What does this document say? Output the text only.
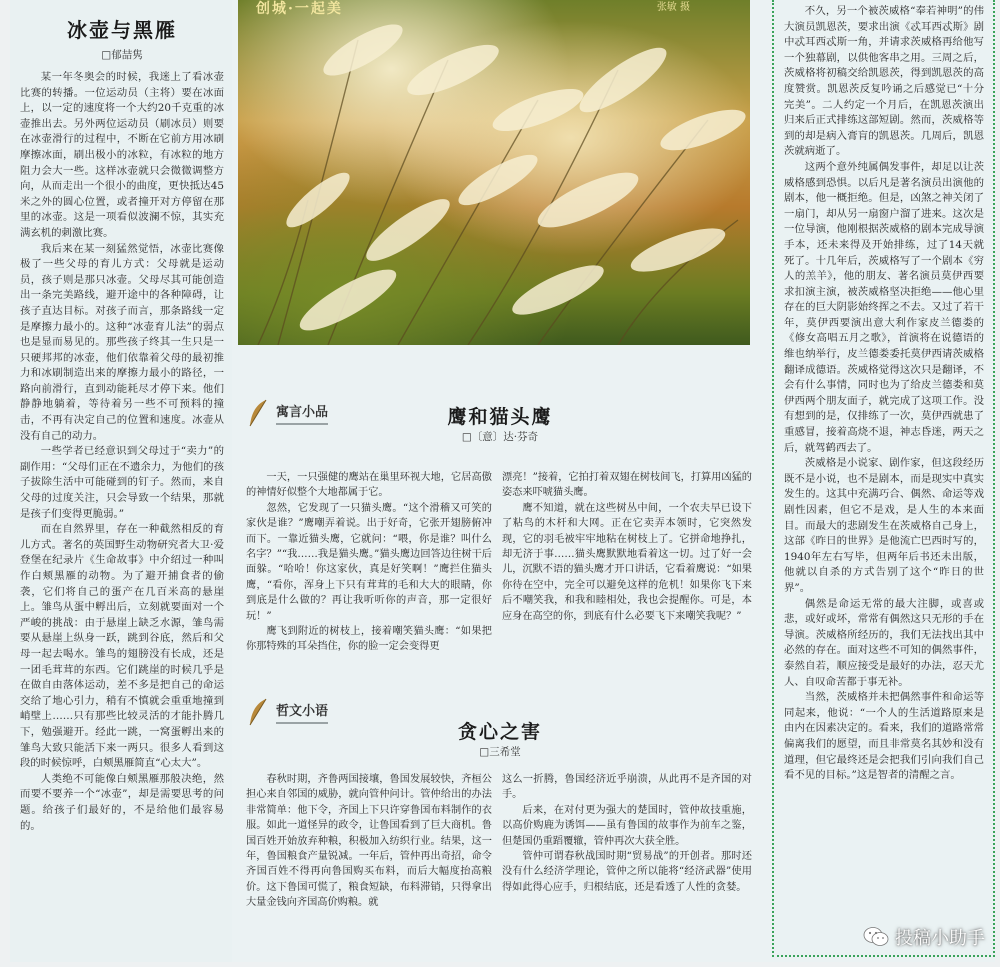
冰壶与黑雁
□郁喆隽

某一年冬奥会的时候，我迷上了看冰壶比赛的转播。一位运动员（主将）要在冰面上，以一定的速度将一个大约20千克重的冰壶推出去。另外两位运动员（刷冰员）则要在冰壶滑行的过程中，不断在它前方用冰刷摩擦冰面，刷出极小的冰粒，有冰粒的地方阻力会大一些。这样冰壶就只会微微调整方向，从而走出一个很小的曲度，更快抵达45米之外的圆心位置，或者撞开对方停留在那里的冰壶。这是一项看似波澜不惊，其实充满玄机的刺激比赛。

我后来在某一刻猛然觉悟，冰壶比赛像极了一些父母的育儿方式：父母就是运动员，孩子则是那只冰壶。父母尽其可能创造出一条完美路线，避开途中的各种障碍，让孩子直达目标。对孩子而言，那条路线一定是摩擦力最小的。这种“冰壶育儿法”的弱点也是显而易见的。那些孩子终其一生只是一只硬邦邦的冰壶，他们依靠着父母的最初推力和冰刷制造出来的摩擦力最小的路径，一路向前滑行，直到动能耗尽才停下来。他们静静地躺着，等待着另一些不可预料的撞击，不再有决定自己的位置和速度。冰壶从没有自己的动力。

一些学者已经意识到父母过于“卖力”的副作用：“父母们正在不遗余力，为他们的孩子拔除生活中可能碰到的钉子。然而，来自父母的过度关注，只会导致一个结果，那就是孩子们变得更脆弱。”

而在自然界里，存在一种截然相反的育儿方式。著名的英国野生动物研究者大卫·爱登堡在纪录片《生命故事》中介绍过一种叫作白颊黑雁的动物。为了避开捕食者的偷袭，它们将自己的蛋产在几百米高的悬崖上。雏鸟从蛋中孵出后，立刻就要面对一个严峻的挑战：由于悬崖上缺乏水源，雏鸟需要从悬崖上纵身一跃，跳到谷底，然后和父母一起去喝水。雏鸟的翅膀没有长成，还是一团毛茸茸的东西。它们跳崖的时候几乎是在做自由落体运动，差不多是把自己的命运交给了地心引力，稍有不慎就会重重地撞到峭壁上……只有那些比较灵活的才能扑腾几下，勉强避开。经此一跳，一窝蛋孵出来的雏鸟大致只能活下来一两只。很多人看到这段的时候惊呼，白颊黑雁简直“心太大”。

人类绝不可能像白颊黑雁那般决绝，然而要不要养一个“冰壶”，却是需要思考的问题。给孩子们最好的，不是给他们最容易的。

创城·一起美	张敏 摄
寓言小品	鹰和猫头鹰
□〔意〕达·芬奇

一天，一只强健的鹰站在巢里环视大地，它居高傲的神情好似整个大地都属于它。

忽然，它发现了一只猫头鹰。“这个滑稽又可笑的家伙是谁？”鹰嘲弄着说。出于好奇，它张开翅膀俯冲而下。一靠近猫头鹰，它就问：“喂，你是谁？叫什么名字？”“我……我是猫头鹰。”猫头鹰边回答边往树干后面躲。“哈哈！你这家伙，真是好笑啊！”鹰拦住猫头鹰，“看你，浑身上下只有茸茸的毛和大大的眼睛，你到底是什么做的？再让我听听你的声音，那一定很好玩！”

鹰飞到附近的树枝上，接着嘲笑猫头鹰：“如果把你那特殊的耳朵挡住，你的脸一定会变得更

漂亮！”接着，它拍打着双翅在树枝间飞，打算用凶猛的姿态来吓唬猫头鹰。

鹰不知道，就在这些树丛中间，一个农夫早已设下了粘鸟的木杆和大网。正在它卖弄本领时，它突然发现，它的羽毛被牢牢地粘在树枝上了。它拼命地挣扎，却无济于事……猫头鹰默默地看着这一切。过了好一会儿，沉默不语的猫头鹰才开口讲话，它看着鹰说：“如果你待在空中，完全可以避免这样的危机！如果你飞下来后不嘲笑我，和我和睦相处，我也会提醒你。可是，本应身在高空的你，到底有什么必要飞下来嘲笑我呢？”

哲文小语
贪心之害
□三希堂

春秋时期，齐鲁两国接壤，鲁国发展较快，齐桓公担心来自邻国的威胁，就向管仲问计。管仲给出的办法非常简单：他下令，齐国上下只许穿鲁国布料制作的衣服。如此一道怪异的政令，让鲁国看到了巨大商机。鲁国百姓开始放弃种粮，积极加入纺织行业。结果，这一年，鲁国粮食产量锐减。一年后，管仲再出奇招，命令齐国百姓不得再向鲁国购买布料，而后大幅度抬高粮价。这下鲁国可慌了，粮食短缺，布料滞销，只得拿出大量金钱向齐国高价购粮。就

这么一折腾，鲁国经济近乎崩溃，从此再不是齐国的对手。

后来，在对付更为强大的楚国时，管仲故技重施，以高价购鹿为诱饵——虽有鲁国的故事作为前车之鉴，但楚国仍重蹈覆辙，管仲再次大获全胜。

管仲可谓春秋战国时期“贸易战”的开创者。那时还没有什么经济学理论，管仲之所以能将“经济武器”使用得如此得心应手，归根结底，还是看透了人性的贪婪。

不久，另一个被茨威格“奉若神明”的伟大演员凯恩茨，要求出演《忒耳西忒斯》剧中忒耳西忒斯一角，并请求茨威格再给他写一个独幕剧，以供他客串之用。三周之后，茨威格将初稿交给凯恩茨，得到凯恩茨的高度赞赏。凯恩茨反复吟诵之后感觉已“十分完美”。二人约定一个月后，在凯恩茨演出归来后正式排练这部短剧。然而，茨威格等到的却是病入膏肓的凯恩茨。几周后，凯恩茨就病逝了。

这两个意外纯属偶发事件，却足以让茨威格感到恐惧。以后凡是著名演员出演他的剧本，他一概拒绝。但是，凶煞之神关闭了一扇门，却从另一扇窗户溜了进来。这次是一位导演，他刚根据茨威格的剧本完成导演手本，还未来得及开始排练，过了14天就死了。十几年后，茨威格写了一个剧本《穷人的羔羊》，他的朋友、著名演员莫伊西要求扣演主演，被茨威格坚决拒绝——他心里存在的巨大阴影始终挥之不去。又过了若干年，莫伊西要演出意大利作家皮兰德娄的《修女高唱五月之歌》，首演将在说德语的维也纳举行，皮兰德娄委托莫伊西请茨威格翻译成德语。茨威格觉得这次只是翻译，不会有什么事情，同时也为了给皮兰德娄和莫伊西两个朋友面子，就完成了这项工作。没有想到的是，仅排练了一次，莫伊西就患了重感冒，接着高烧不退，神志昏迷，两天之后，就驾鹤西去了。

茨威格是小说家、剧作家，但这段经历既不是小说，也不是剧本，而是现实中真实发生的。这其中充满巧合、偶然、命运等戏剧性因素，但它不是戏，是人生的本来面目。而最大的悲剧发生在茨威格自己身上，这部《昨日的世界》是他流亡巴西时写的，1940年左右写毕，但两年后书还未出版，他就以自杀的方式告别了这个“昨日的世界”。

偶然是命运无常的最大注脚，或喜或悲，或好或坏，常常有偶然这只无形的手在导演。茨威格所经历的，我们无法找出其中必然的存在。面对这些不可知的偶然事件，泰然自若，顺应接受是最好的办法，忍天尤人、自叹命苦都于事无补。

当然，茨威格并未把偶然事件和命运等同起来，他说：“一个人的生活道路原来是由内在因素决定的。看来，我们的道路常常偏离我们的愿望，而且非常莫名其妙和没有道理，但它最终还是会把我们引向我们自己看不见的目标。”这是智者的清醒之言。

投稿小助手
